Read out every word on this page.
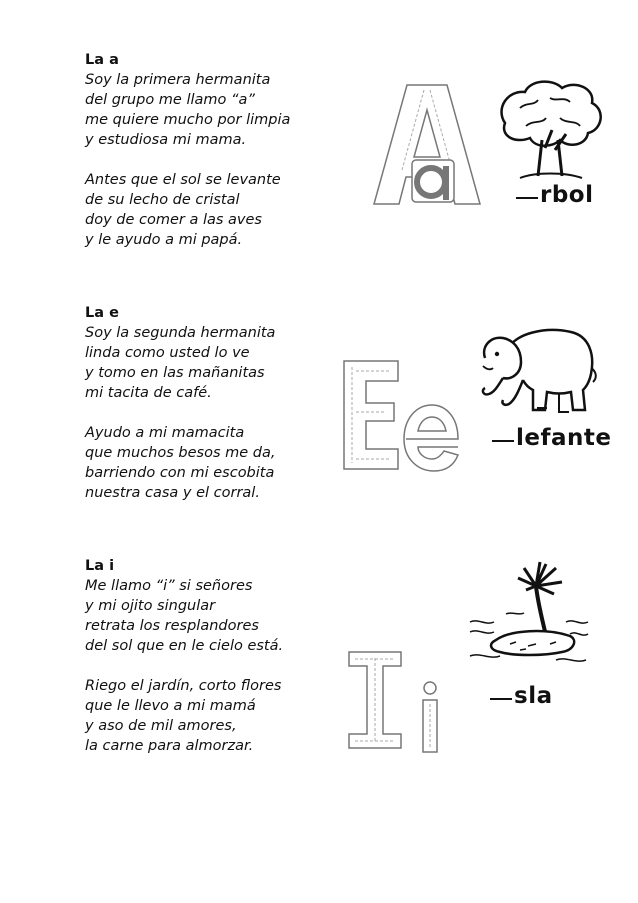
La a

Soy la primera hermanita
del grupo me llamo “a”
me quiere mucho por limpia
y estudiosa mi mama.
Antes que el sol se levante
de su lecho de cristal
doy de comer a las aves
y le ayudo a mi papá.
rbol

La e

Soy la segunda hermanita
linda como usted lo ve
y tomo en las mañanitas
mi tacita de café.
Ayudo a mi mamacita
que muchos besos me da,
barriendo con mi escobita
nuestra casa y el corral.
lefante

La i

Me llamo “i” si señores
y mi ojito singular
retrata los resplandores
del sol que en le cielo está.
Riego el jardín, corto flores
que le llevo a mi mamá
y aso de mil amores,
la carne para almorzar.
sla
